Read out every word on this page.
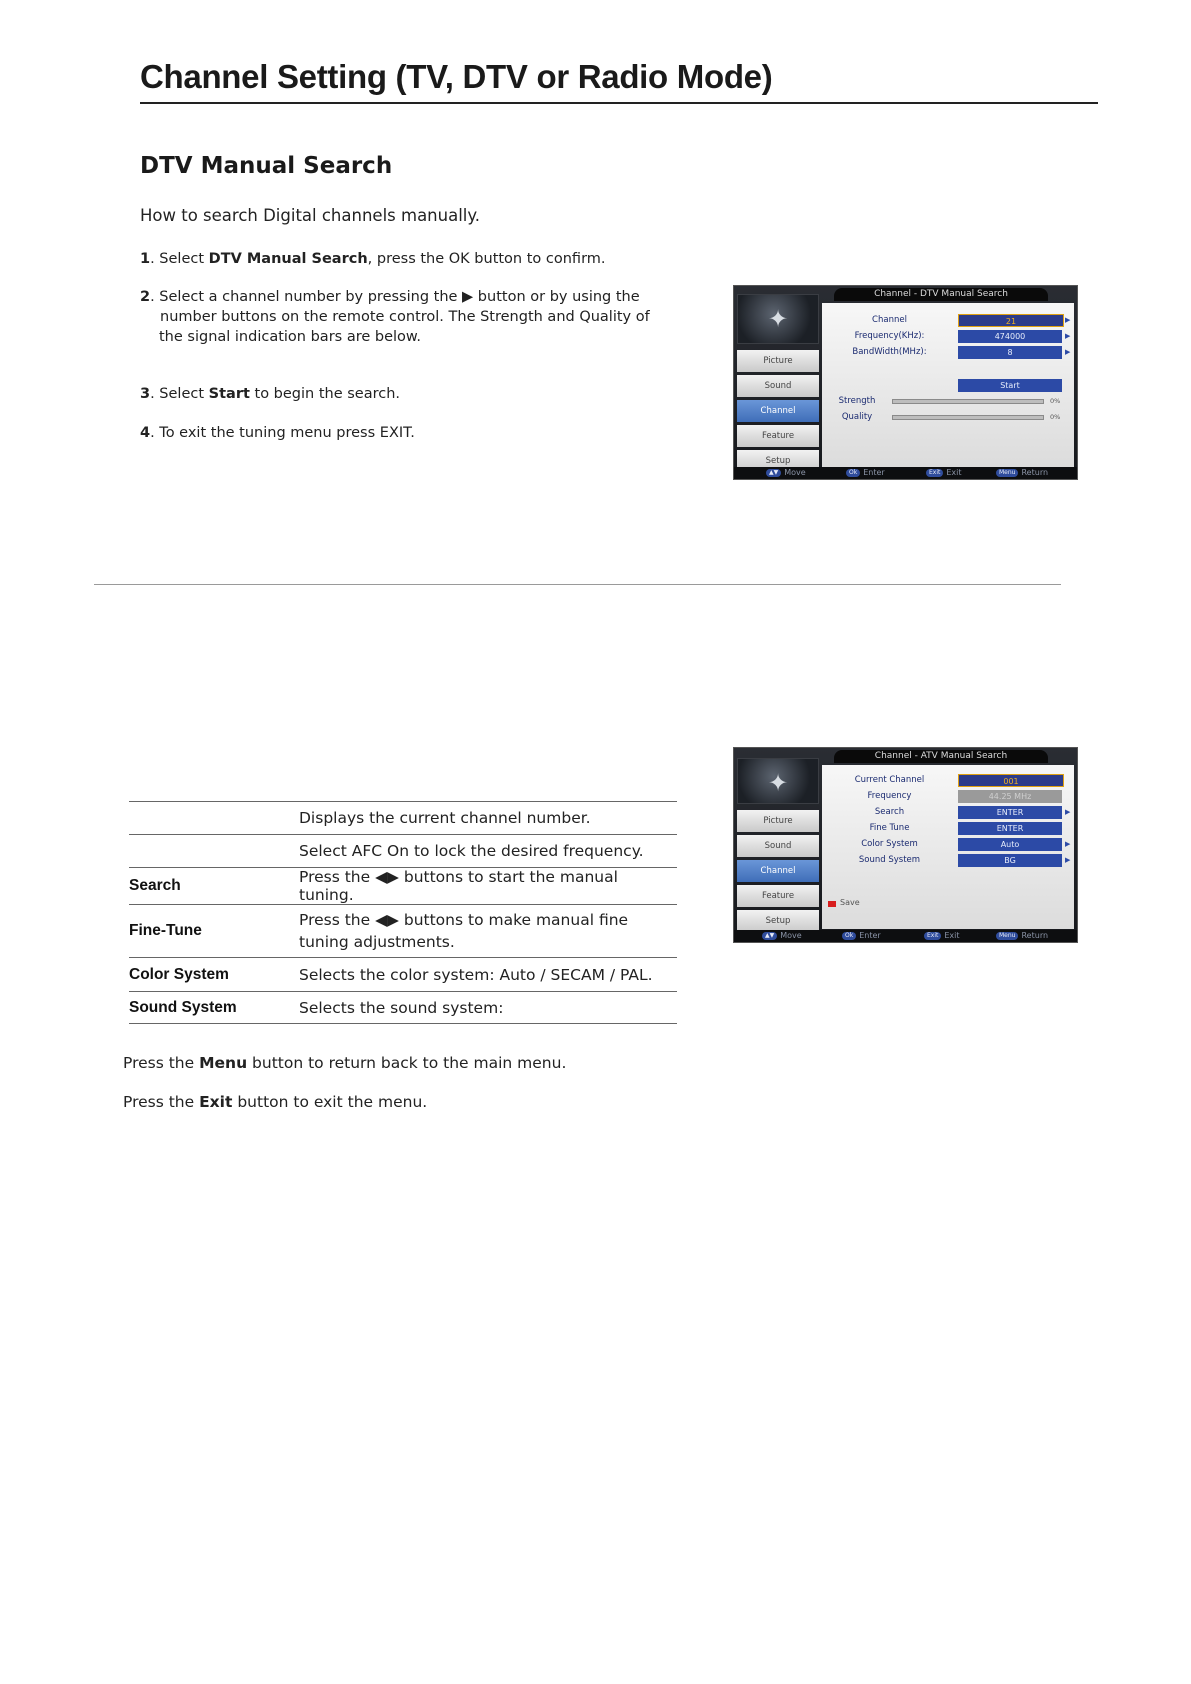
Channel Setting (TV, DTV or Radio Mode)
DTV Manual Search
How to search Digital channels manually.
1. Select DTV Manual Search, press the OK button to confirm.
2. Select a channel number by pressing the ▶ button or by using the
number buttons on the remote control. The Strength and Quality of
the signal indication bars are below.
3. Select Start to begin the search.
4. To exit the tuning menu press EXIT.
Channel - DTV Manual Search
✦
Picture
Sound
Channel
Feature
Setup
Channel	21	▶
Frequency(KHz):	474000	▶
BandWidth(MHz):	8	▶
Start
Strength	0%
Quality	0%
▲▼ Move	Ok Enter	Exit Exit	Menu Return
Channel - ATV Manual Search
✦
Picture
Sound
Channel
Feature
Setup
Current Channel	001
Frequency	44.25 MHz
Search	ENTER	▶
Fine Tune	ENTER
Color System	Auto	▶
Sound System	BG	▶
Save
▲▼ Move	Ok Enter	Exit Exit	Menu Return
	Displays the current channel number.
	Select AFC On to lock the desired frequency.
Search	Press the ◀▶ buttons to start the manual tuning.
Fine-Tune	Press the ◀▶ buttons to make manual fine
tuning adjustments.
Color System	Selects the color system: Auto / SECAM / PAL.
Sound System	Selects the sound system:
Press the Menu button to return back to the main menu.
Press the Exit button to exit the menu.
